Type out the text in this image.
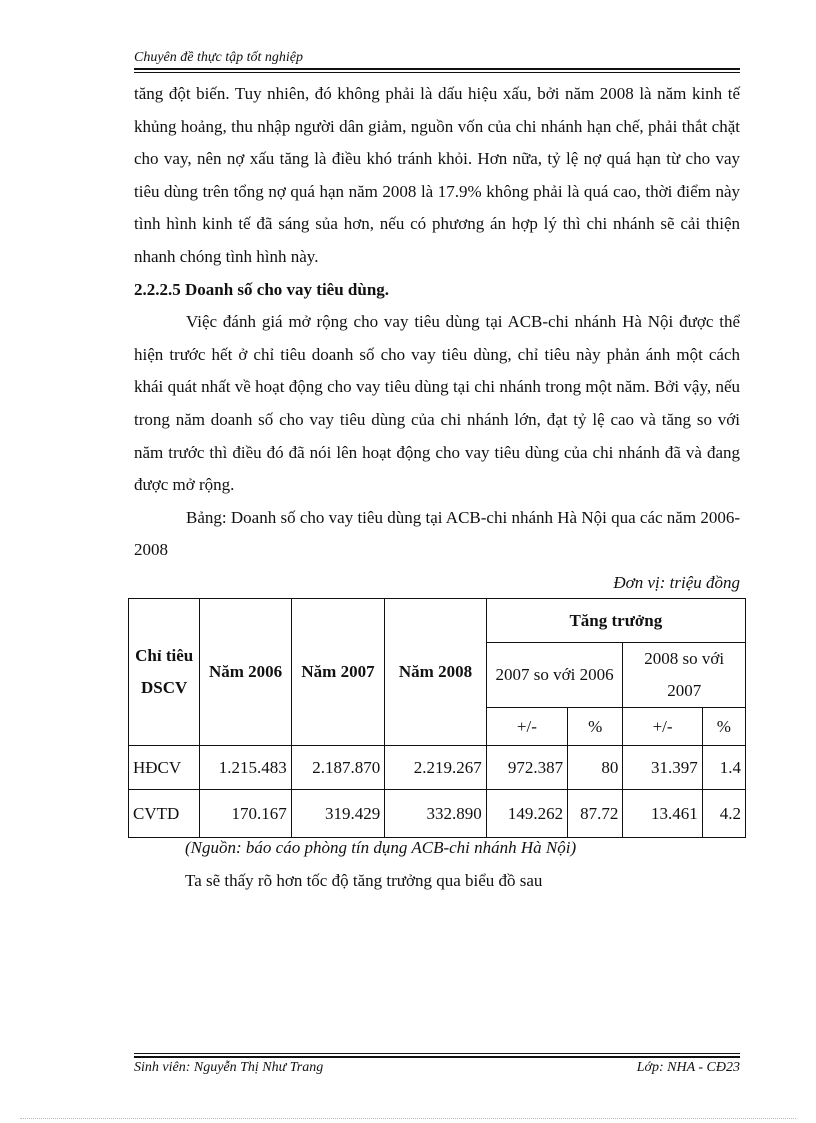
Chuyên đề thực tập tốt nghiệp

tăng đột biến. Tuy nhiên, đó không phải là dấu hiệu xấu, bởi năm 2008 là năm kinh tế khủng hoảng, thu nhập người dân giảm, nguồn vốn của chi nhánh hạn chế, phải thắt chặt cho vay, nên nợ xấu tăng là điều khó tránh khỏi. Hơn nữa, tỷ lệ nợ quá hạn từ cho vay tiêu dùng trên tổng nợ quá hạn năm 2008 là 17.9% không phải là quá cao, thời điểm này tình hình kinh tế đã sáng sủa hơn, nếu có phương án hợp lý thì chi nhánh sẽ cải thiện nhanh chóng tình hình này.

2.2.2.5 Doanh số cho vay tiêu dùng.

Việc đánh giá mở rộng cho vay tiêu dùng tại ACB-chi nhánh Hà Nội được thể hiện trước hết ở chỉ tiêu doanh số cho vay tiêu dùng, chỉ tiêu này phản ánh một cách khái quát nhất về hoạt động cho vay tiêu dùng tại chi nhánh trong một năm. Bởi vậy, nếu trong năm doanh số cho vay tiêu dùng của chi nhánh lớn, đạt tỷ lệ cao và tăng so với năm trước thì điều đó đã nói lên hoạt động cho vay tiêu dùng của chi nhánh đã và đang được mở rộng.

Bảng: Doanh số cho vay tiêu dùng tại ACB-chi nhánh Hà Nội qua các năm 2006-2008

Đơn vị: triệu đồng

Chỉ tiêu DSCV	Năm 2006	Năm 2007	Năm 2008	Tăng trưởng			
				2007 so với 2006		2008 so với 2007	
				+/-	%	+/-	%
HĐCV	1.215.483	2.187.870	2.219.267	972.387	80	31.397	1.4
CVTD	170.167	319.429	332.890	149.262	87.72	13.461	4.2
(Nguồn: báo cáo phòng tín dụng ACB-chi nhánh Hà Nội)
Ta sẽ thấy rõ hơn tốc độ tăng trưởng qua biểu đồ sau
Sinh viên: Nguyễn Thị Như Trang	Lớp: NHA - CĐ23
